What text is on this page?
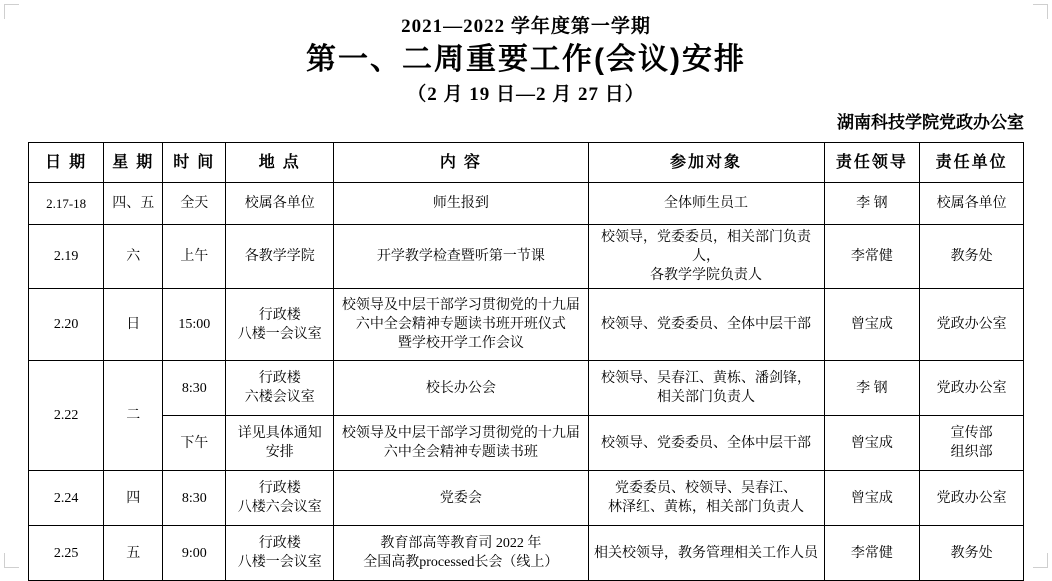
2021—2022 学年度第一学期
第一、二周重要工作(会议)安排
（2 月 19 日—2 月 27 日）
湖南科技学院党政办公室
日 期	星 期	时 间	地 点	内 容	参加对象	责任领导	责任单位
2.17-18	四、五	全天	校属各单位	师生报到	全体师生员工	李 钢	校属各单位
2.19	六	上午	各教学学院	开学教学检查暨听第一节课	校领导，党委委员，相关部门负责人，
各教学学院负责人	李常健	教务处
2.20	日	15:00	行政楼
八楼一会议室	校领导及中层干部学习贯彻党的十九届
六中全会精神专题读书班开班仪式
暨学校开学工作会议	校领导、党委委员、全体中层干部	曾宝成	党政办公室
2.22	二	8:30	行政楼
六楼会议室	校长办公会	校领导、吴春江、黄栋、潘剑锋，
相关部门负责人	李 钢	党政办公室
		下午	详见具体通知
安排	校领导及中层干部学习贯彻党的十九届
六中全会精神专题读书班	校领导、党委委员、全体中层干部	曾宝成	宣传部
组织部
2.24	四	8:30	行政楼
八楼六会议室	党委会	党委委员、校领导、吴春江、
林泽红、黄栋，相关部门负责人	曾宝成	党政办公室
2.25	五	9:00	行政楼
八楼一会议室	教育部高等教育司 2022 年
全国高教processed长会（线上）	相关校领导，教务管理相关工作人员	李常健	教务处
